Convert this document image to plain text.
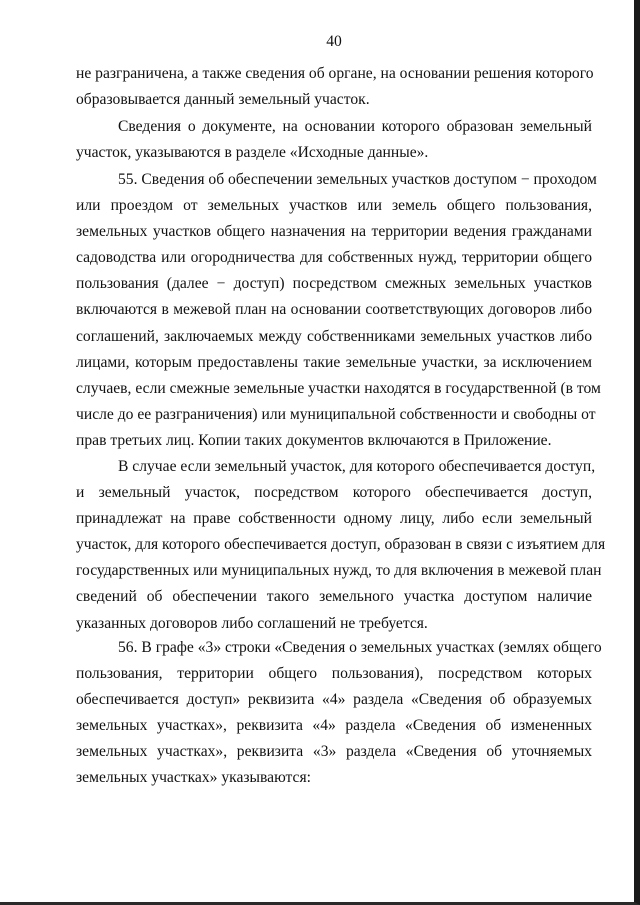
40

не разграничена, а также сведения об органе, на основании решения которого
образовывается данный земельный участок.

Сведения о документе, на основании которого образован земельный
участок, указываются в разделе «Исходные данные».

55. Сведения об обеспечении земельных участков доступом − проходом
или проездом от земельных участков или земель общего пользования,
земельных участков общего назначения на территории ведения гражданами
садоводства или огородничества для собственных нужд, территории общего
пользования (далее − доступ) посредством смежных земельных участков
включаются в межевой план на основании соответствующих договоров либо
соглашений, заключаемых между собственниками земельных участков либо
лицами, которым предоставлены такие земельные участки, за исключением
случаев, если смежные земельные участки находятся в государственной (в том
числе до ее разграничения) или муниципальной собственности и свободны от
прав третьих лиц. Копии таких документов включаются в Приложение.

В случае если земельный участок, для которого обеспечивается доступ,
и земельный участок, посредством которого обеспечивается доступ,
принадлежат на праве собственности одному лицу, либо если земельный
участок, для которого обеспечивается доступ, образован в связи с изъятием для
государственных или муниципальных нужд, то для включения в межевой план
сведений об обеспечении такого земельного участка доступом наличие
указанных договоров либо соглашений не требуется.

56. В графе «3» строки «Сведения о земельных участках (землях общего
пользования, территории общего пользования), посредством которых
обеспечивается доступ» реквизита «4» раздела «Сведения об образуемых
земельных участках», реквизита «4» раздела «Сведения об измененных
земельных участках», реквизита «3» раздела «Сведения об уточняемых
земельных участках» указываются:
